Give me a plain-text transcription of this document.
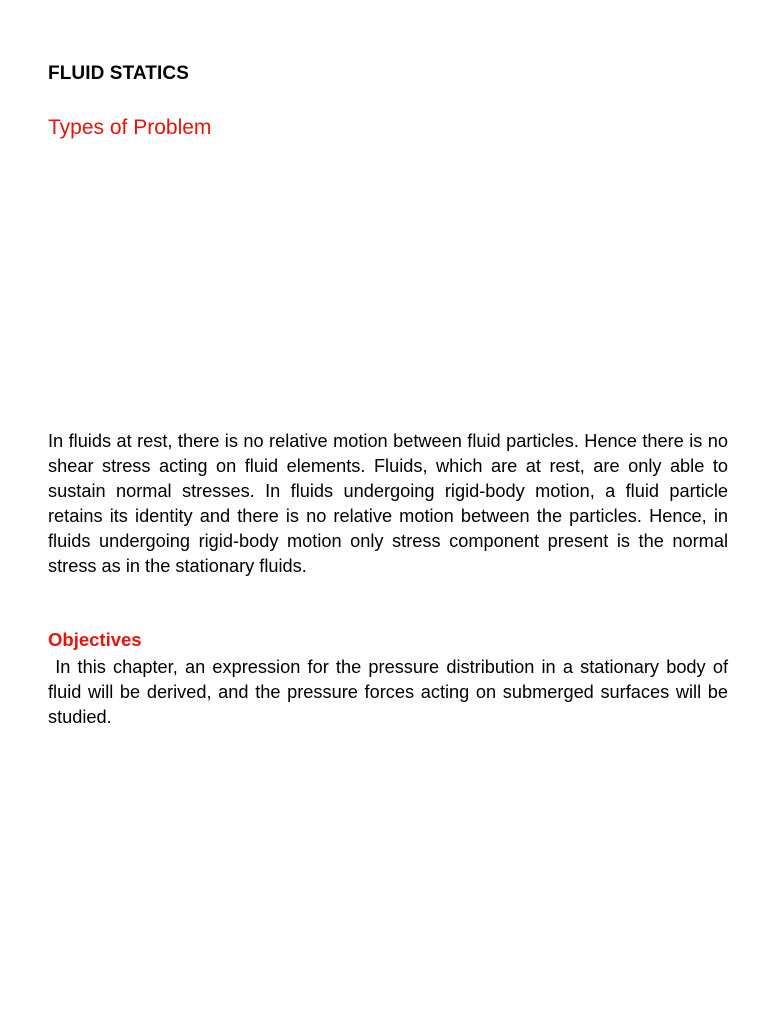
FLUID STATICS
Types of Problem
In fluids at rest, there is no relative motion between fluid particles. Hence there is no shear stress acting on fluid elements. Fluids, which are at rest, are only able to sustain normal stresses. In fluids undergoing rigid-body motion, a fluid particle retains its identity and there is no relative motion between the particles. Hence, in fluids undergoing rigid-body motion only stress component present is the normal stress as in the stationary fluids.
Objectives
In this chapter, an expression for the pressure distribution in a stationary body of fluid will be derived, and the pressure forces acting on submerged surfaces will be studied.
